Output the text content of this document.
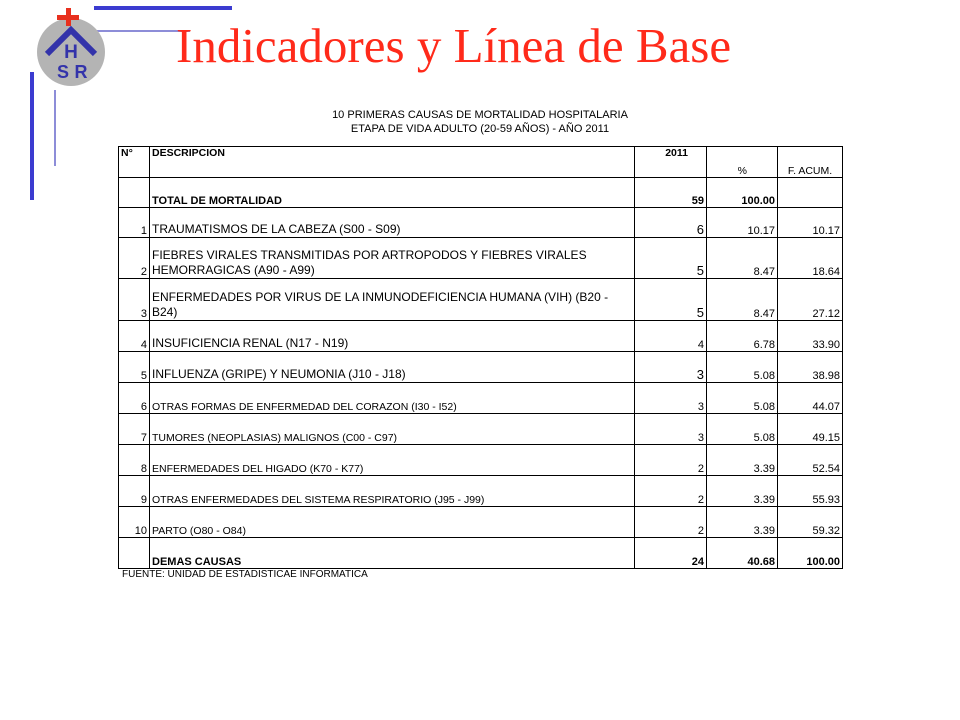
H
S R Indicadores y Línea de Base
10 PRIMERAS CAUSAS DE MORTALIDAD HOSPITALARIA
ETAPA DE VIDA ADULTO (20-59 AÑOS) - AÑO 2011
N°	DESCRIPCION	2011	%	F. ACUM.
	TOTAL DE MORTALIDAD	59	100.00	
1	TRAUMATISMOS DE LA CABEZA (S00 - S09)	6	10.17	10.17
2	FIEBRES VIRALES TRANSMITIDAS POR ARTROPODOS Y FIEBRES VIRALES HEMORRAGICAS (A90 - A99)	5	8.47	18.64
3	ENFERMEDADES POR VIRUS DE LA INMUNODEFICIENCIA HUMANA (VIH) (B20 - B24)	5	8.47	27.12
4	INSUFICIENCIA RENAL (N17 - N19)	4	6.78	33.90
5	INFLUENZA (GRIPE) Y NEUMONIA (J10 - J18)	3	5.08	38.98
6	OTRAS FORMAS DE ENFERMEDAD DEL CORAZON (I30 - I52)	3	5.08	44.07
7	TUMORES (NEOPLASIAS) MALIGNOS (C00 - C97)	3	5.08	49.15
8	ENFERMEDADES DEL HIGADO (K70 - K77)	2	3.39	52.54
9	OTRAS ENFERMEDADES DEL SISTEMA RESPIRATORIO (J95 - J99)	2	3.39	55.93
10	PARTO (O80 - O84)	2	3.39	59.32
	DEMAS CAUSAS	24	40.68	100.00
FUENTE: UNIDAD DE ESTADISTICAE INFORMATICA
